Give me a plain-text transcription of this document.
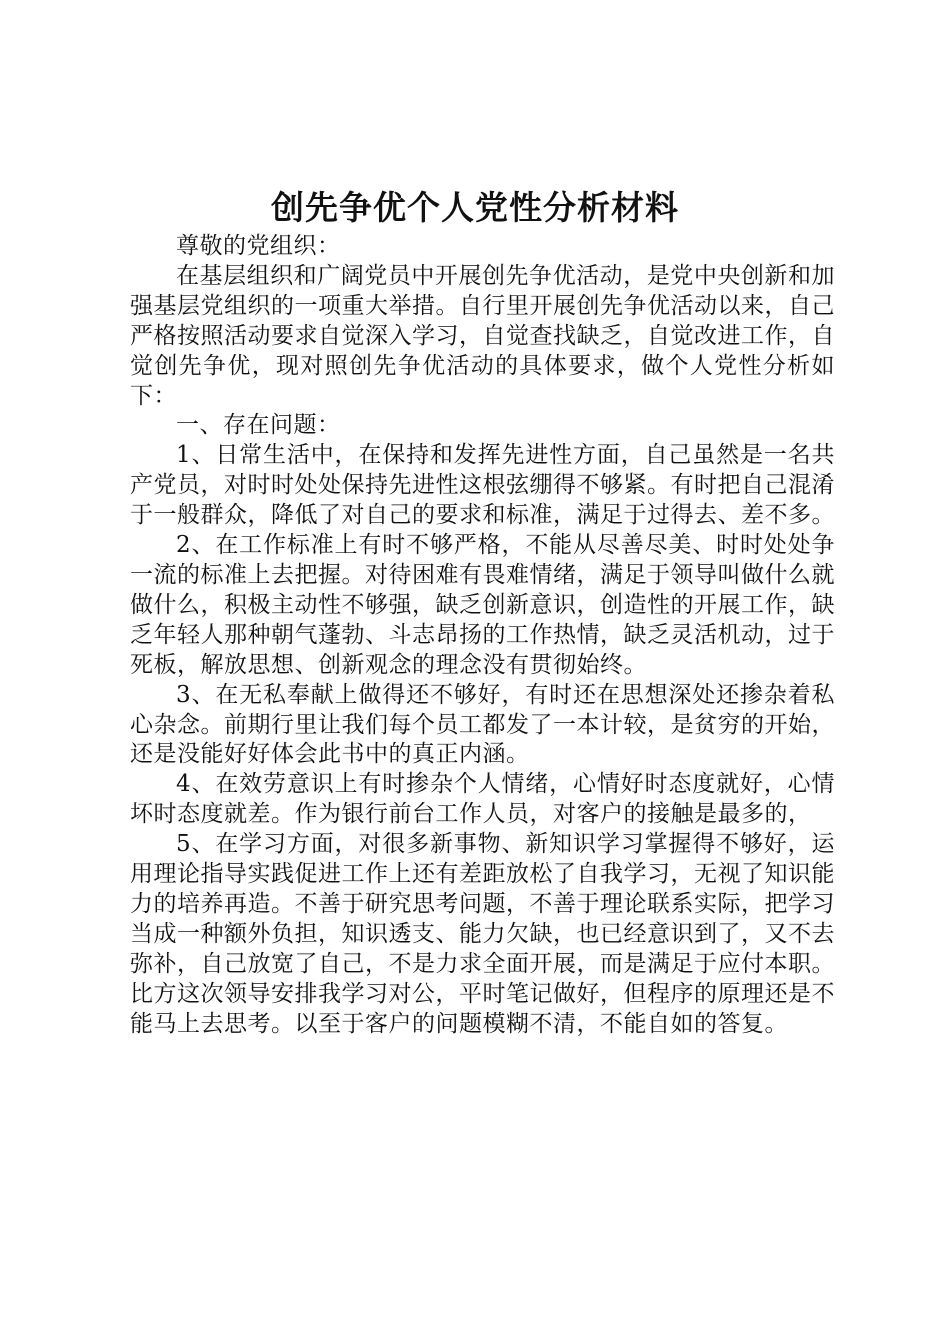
创先争优个人党性分析材料

尊敬的党组织：

在基层组织和广阔党员中开展创先争优活动，是党中央创新和加强基层党组织的一项重大举措。自行里开展创先争优活动以来，自己严格按照活动要求自觉深入学习，自觉查找缺乏，自觉改进工作，自觉创先争优，现对照创先争优活动的具体要求，做个人党性分析如下：

一、存在问题：

1、日常生活中，在保持和发挥先进性方面，自己虽然是一名共产党员，对时时处处保持先进性这根弦绷得不够紧。有时把自己混淆于一般群众，降低了对自己的要求和标准，满足于过得去、差不多。

2、在工作标准上有时不够严格，不能从尽善尽美、时时处处争一流的标准上去把握。对待困难有畏难情绪，满足于领导叫做什么就做什么，积极主动性不够强，缺乏创新意识，创造性的开展工作，缺乏年轻人那种朝气蓬勃、斗志昂扬的工作热情，缺乏灵活机动，过于死板，解放思想、创新观念的理念没有贯彻始终。

3、在无私奉献上做得还不够好，有时还在思想深处还掺杂着私心杂念。前期行里让我们每个员工都发了一本计较，是贫穷的开始，还是没能好好体会此书中的真正内涵。

4、在效劳意识上有时掺杂个人情绪，心情好时态度就好，心情坏时态度就差。作为银行前台工作人员，对客户的接触是最多的，

5、在学习方面，对很多新事物、新知识学习掌握得不够好，运用理论指导实践促进工作上还有差距放松了自我学习，无视了知识能力的培养再造。不善于研究思考问题，不善于理论联系实际，把学习当成一种额外负担，知识透支、能力欠缺，也已经意识到了，又不去弥补，自己放宽了自己，不是力求全面开展，而是满足于应付本职。比方这次领导安排我学习对公，平时笔记做好，但程序的原理还是不能马上去思考。以至于客户的问题模糊不清，不能自如的答复。
